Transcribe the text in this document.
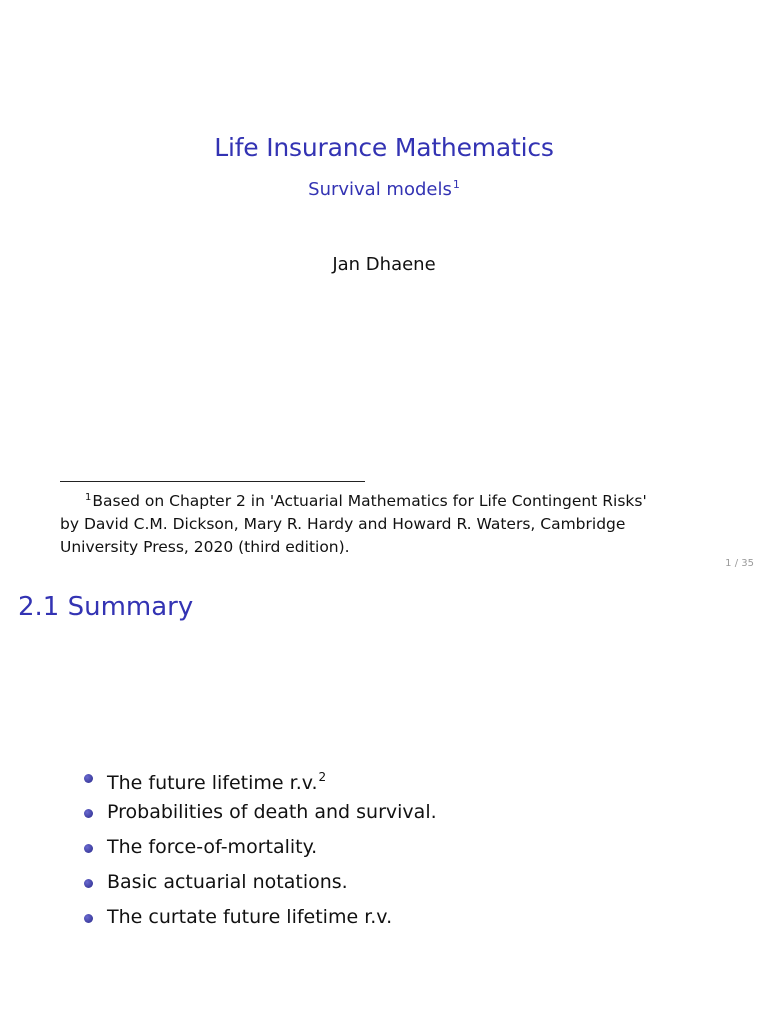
Life Insurance Mathematics
Survival models$^1$
Jan Dhaene
$^1$Based on Chapter 2 in 'Actuarial Mathematics for Life Contingent Risks'
by David C.M. Dickson, Mary R. Hardy and Howard R. Waters, Cambridge
University Press, 2020 (third edition).
1 / 35
2.1 Summary
The future lifetime r.v.$^2$
Probabilities of death and survival.
The force-of-mortality.
Basic actuarial notations.
The curtate future lifetime r.v.
